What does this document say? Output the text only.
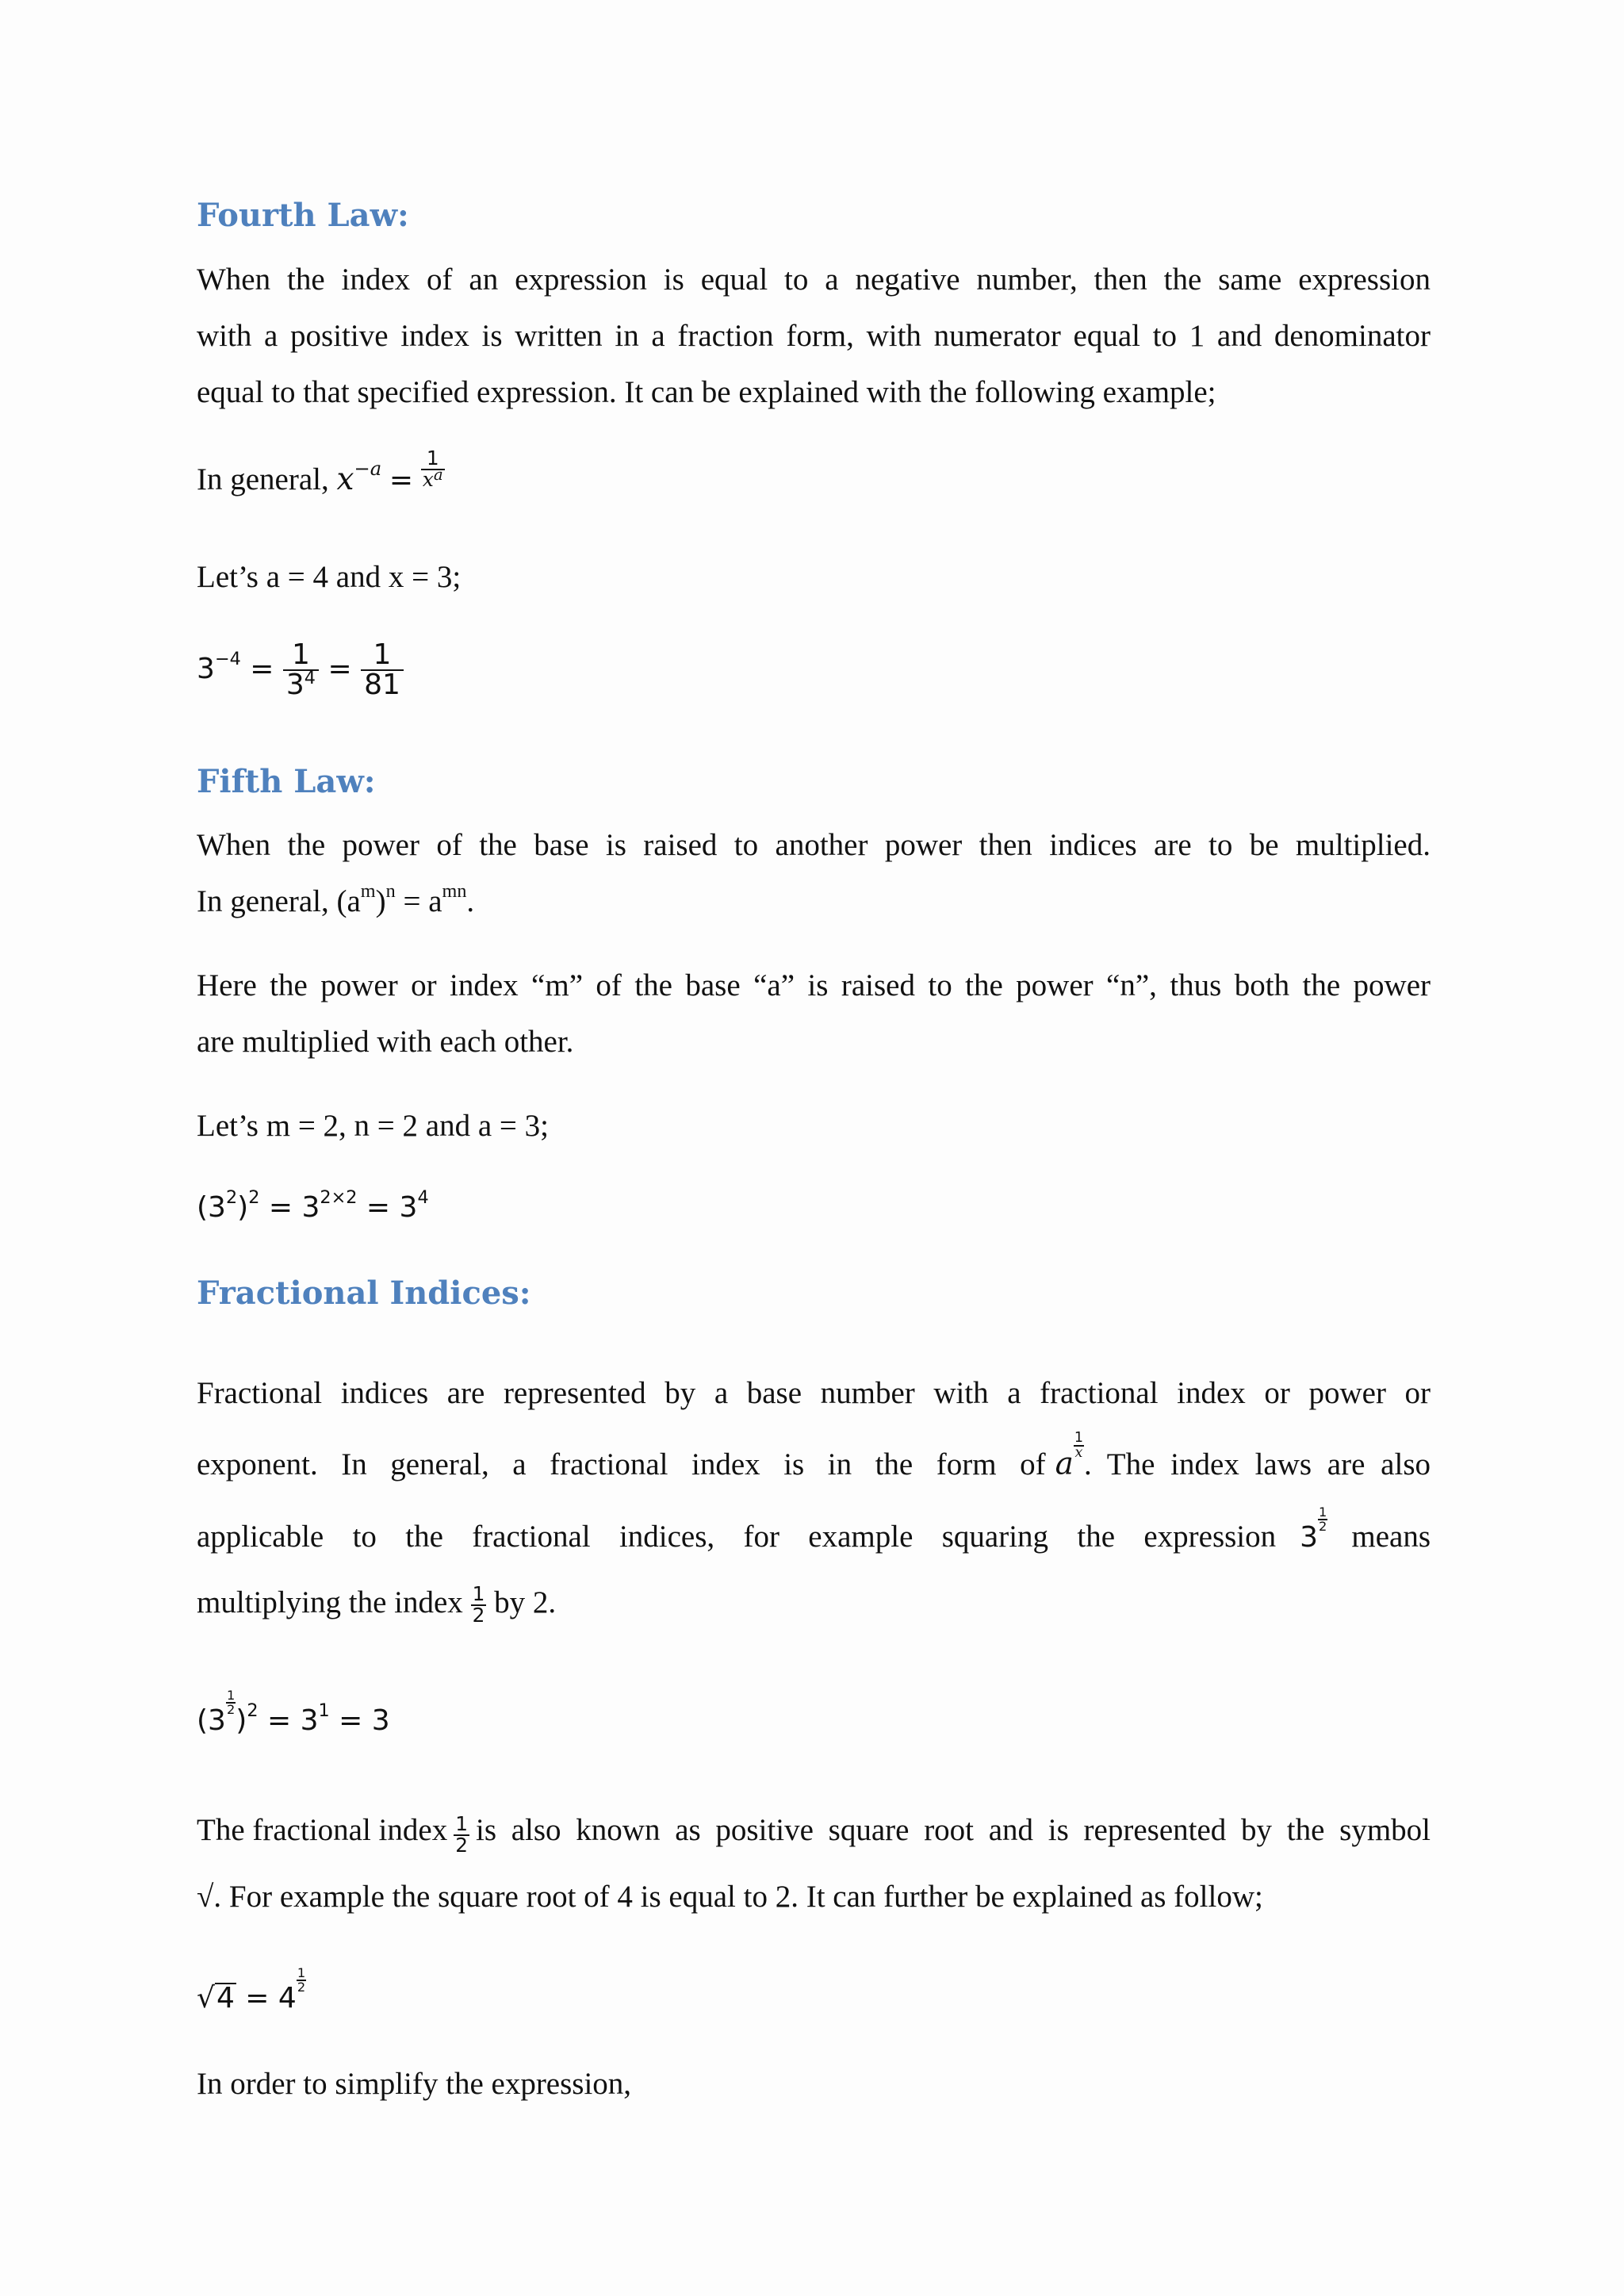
Fourth Law:
When the index of an expression is equal to a negative number, then the same expression
with a positive index is written in a fraction form, with numerator equal to 1 and denominator
equal to that specified expression. It can be explained with the following example;
In general, $x^{-a} = \frac{1}{x^a}$
Let’s a = 4 and x = 3;
$3^{-4} = \frac{1}{3^4} = \frac{1}{81}$
Fifth Law:
When the power of the base is raised to another power then indices are to be multiplied.
In general, $(a^m)^n = a^{mn}$.
Here the power or index “m” of the base “a” is raised to the power “n”, thus both the power
are multiplied with each other.
Let’s m = 2, n = 2 and a = 3;
$(3^2)^2 = 3^{2\times 2} = 3^4$
Fractional Indices:
Fractional indices are represented by a base number with a fractional index or power or
exponent. In general, a fractional index is in the form of a
$\frac{1}{x}$
. The index laws are also
applicable to the fractional indices, for example squaring the expression 3
$\frac{1}{2}$ means
multiplying the index $\frac{1}{2}$ by 2.
(3
$\frac{1}{2}$
)$^2 = 3^1 = 3$
The fractional index $\frac{1}{2}$ is also known as positive square root and is represented by the symbol
√. For example the square root of 4 is equal to 2. It can further be explained as follow;
√4 = 4
$\frac{1}{2}$
In order to simplify the expression,
